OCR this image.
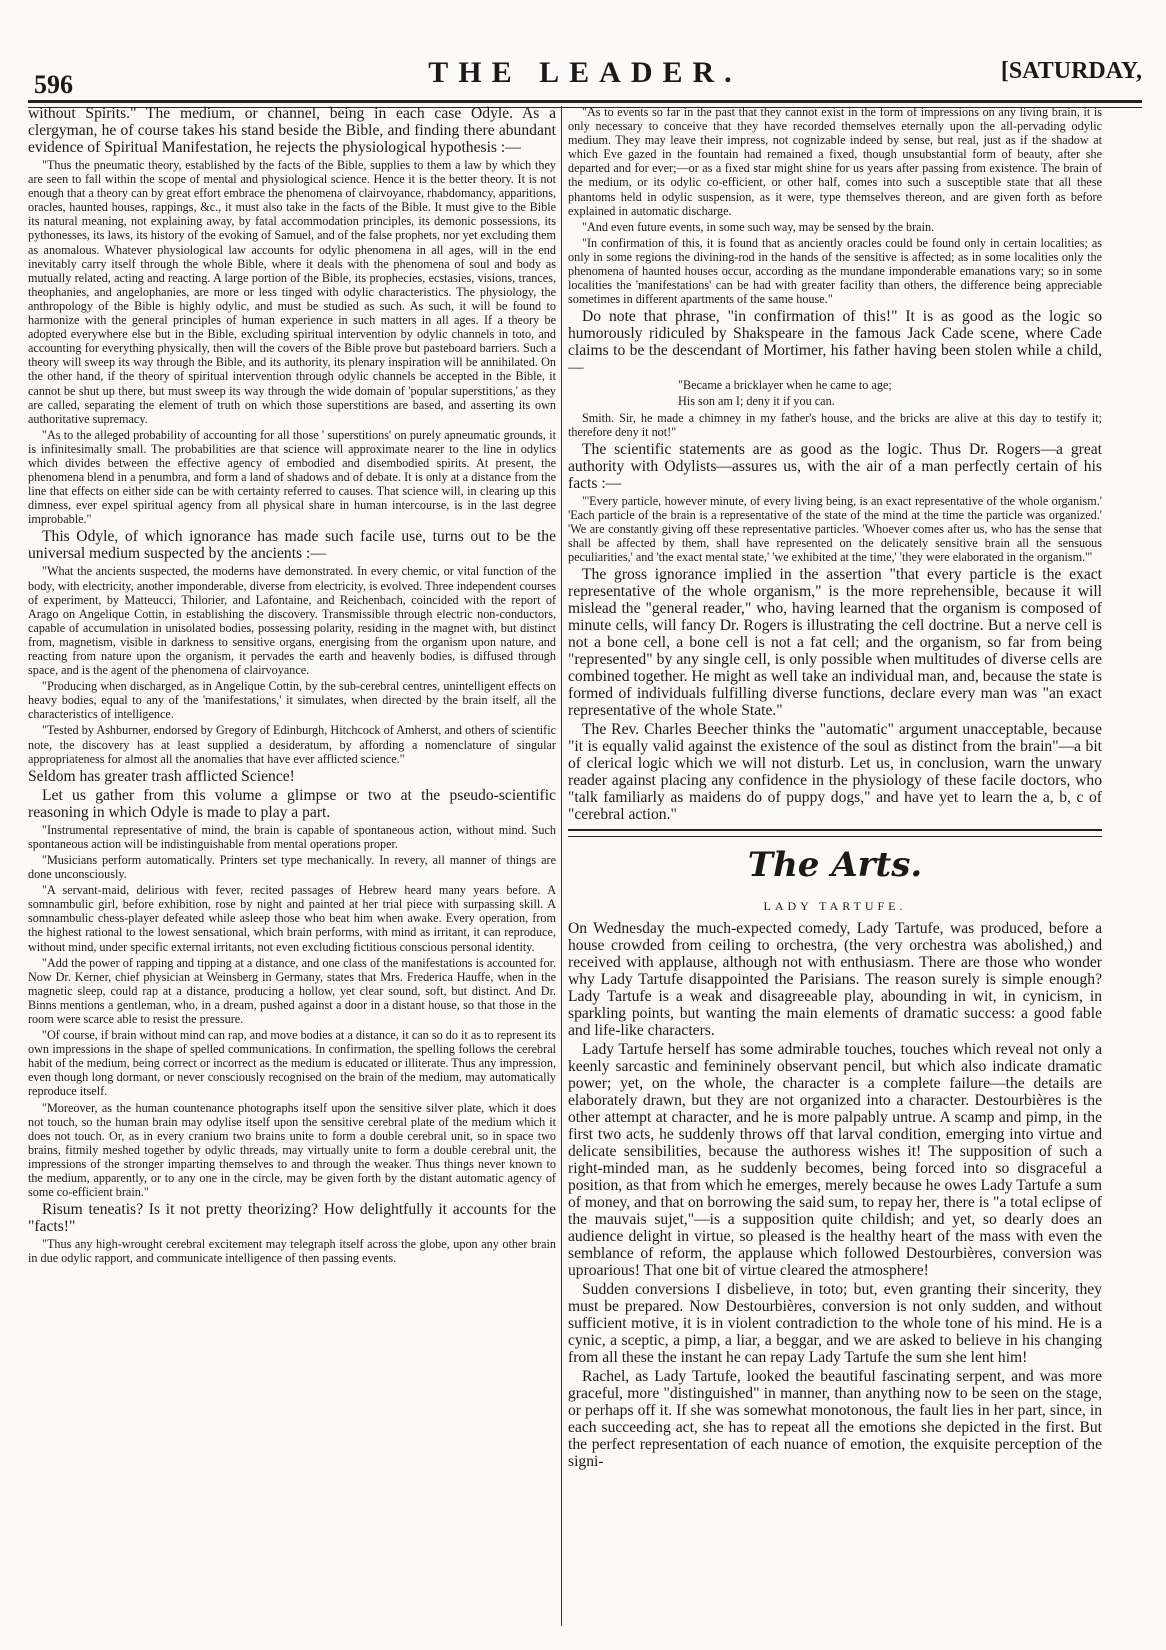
596	THE LEADER.	[SATURDAY,

without Spirits." The medium, or channel, being in each case Odyle. As a clergyman, he of course takes his stand beside the Bible, and finding there abundant evidence of Spiritual Manifestation, he rejects the physiological hypothesis :—

"Thus the pneumatic theory, established by the facts of the Bible, supplies to them a law by which they are seen to fall within the scope of mental and physiological science. Hence it is the better theory. It is not enough that a theory can by great effort embrace the phenomena of clairvoyance, rhabdomancy, apparitions, oracles, haunted houses, rappings, &c., it must also take in the facts of the Bible. It must give to the Bible its natural meaning, not explaining away, by fatal accommodation principles, its demonic possessions, its pythonesses, its laws, its history of the evoking of Samuel, and of the false prophets, nor yet excluding them as anomalous. Whatever physiological law accounts for odylic phenomena in all ages, will in the end inevitably carry itself through the whole Bible, where it deals with the phenomena of soul and body as mutually related, acting and reacting. A large portion of the Bible, its prophecies, ecstasies, visions, trances, theophanies, and angelophanies, are more or less tinged with odylic characteristics. The physiology, the anthropology of the Bible is highly odylic, and must be studied as such. As such, it will be found to harmonize with the general principles of human experience in such matters in all ages. If a theory be adopted everywhere else but in the Bible, excluding spiritual intervention by odylic channels in toto, and accounting for everything physically, then will the covers of the Bible prove but pasteboard barriers. Such a theory will sweep its way through the Bible, and its authority, its plenary inspiration will be annihilated. On the other hand, if the theory of spiritual intervention through odylic channels be accepted in the Bible, it cannot be shut up there, but must sweep its way through the wide domain of 'popular superstitions,' as they are called, separating the element of truth on which those superstitions are based, and asserting its own authoritative supremacy.

"As to the alleged probability of accounting for all those ' superstitions' on purely apneumatic grounds, it is infinitesimally small. The probabilities are that science will approximate nearer to the line in odylics which divides between the effective agency of embodied and disembodied spirits. At present, the phenomena blend in a penumbra, and form a land of shadows and of debate. It is only at a distance from the line that effects on either side can be with certainty referred to causes. That science will, in clearing up this dimness, ever expel spiritual agency from all physical share in human intercourse, is in the last degree improbable."

This Odyle, of which ignorance has made such facile use, turns out to be the universal medium suspected by the ancients :—

"What the ancients suspected, the moderns have demonstrated. In every chemic, or vital function of the body, with electricity, another imponderable, diverse from electricity, is evolved. Three independent courses of experiment, by Matteucci, Thilorier, and Lafontaine, and Reichenbach, coincided with the report of Arago on Angelique Cottin, in establishing the discovery. Transmissible through electric non-conductors, capable of accumulation in unisolated bodies, possessing polarity, residing in the magnet with, but distinct from, magnetism, visible in darkness to sensitive organs, energising from the organism upon nature, and reacting from nature upon the organism, it pervades the earth and heavenly bodies, is diffused through space, and is the agent of the phenomena of clairvoyance.

"Producing when discharged, as in Angelique Cottin, by the sub-cerebral centres, unintelligent effects on heavy bodies, equal to any of the 'manifestations,' it simulates, when directed by the brain itself, all the characteristics of intelligence.

"Tested by Ashburner, endorsed by Gregory of Edinburgh, Hitchcock of Amherst, and others of scientific note, the discovery has at least supplied a desideratum, by affording a nomenclature of singular appropriateness for almost all the anomalies that have ever afflicted science."

Seldom has greater trash afflicted Science!

Let us gather from this volume a glimpse or two at the pseudo-scientific reasoning in which Odyle is made to play a part.

"Instrumental representative of mind, the brain is capable of spontaneous action, without mind. Such spontaneous action will be indistinguishable from mental operations proper.

"Musicians perform automatically. Printers set type mechanically. In revery, all manner of things are done unconsciously.

"A servant-maid, delirious with fever, recited passages of Hebrew heard many years before. A somnambulic girl, before exhibition, rose by night and painted at her trial piece with surpassing skill. A somnambulic chess-player defeated while asleep those who beat him when awake. Every operation, from the highest rational to the lowest sensational, which brain performs, with mind as irritant, it can reproduce, without mind, under specific external irritants, not even excluding fictitious conscious personal identity.

"Add the power of rapping and tipping at a distance, and one class of the manifestations is accounted for. Now Dr. Kerner, chief physician at Weinsberg in Germany, states that Mrs. Frederica Hauffe, when in the magnetic sleep, could rap at a distance, producing a hollow, yet clear sound, soft, but distinct. And Dr. Binns mentions a gentleman, who, in a dream, pushed against a door in a distant house, so that those in the room were scarce able to resist the pressure.

"Of course, if brain without mind can rap, and move bodies at a distance, it can so do it as to represent its own impressions in the shape of spelled communications. In confirmation, the spelling follows the cerebral habit of the medium, being correct or incorrect as the medium is educated or illiterate. Thus any impression, even though long dormant, or never consciously recognised on the brain of the medium, may automatically reproduce itself.

"Moreover, as the human countenance photographs itself upon the sensitive silver plate, which it does not touch, so the human brain may odylise itself upon the sensitive cerebral plate of the medium which it does not touch. Or, as in every cranium two brains unite to form a double cerebral unit, so in space two brains, fitmily meshed together by odylic threads, may virtually unite to form a double cerebral unit, the impressions of the stronger imparting themselves to and through the weaker. Thus things never known to the medium, apparently, or to any one in the circle, may be given forth by the distant automatic agency of some co-efficient brain."

Risum teneatis? Is it not pretty theorizing? How delightfully it accounts for the "facts!"

"Thus any high-wrought cerebral excitement may telegraph itself across the globe, upon any other brain in due odylic rapport, and communicate intelligence of then passing events.

"As to events so far in the past that they cannot exist in the form of impressions on any living brain, it is only necessary to conceive that they have recorded themselves eternally upon the all-pervading odylic medium. They may leave their impress, not cognizable indeed by sense, but real, just as if the shadow at which Eve gazed in the fountain had remained a fixed, though unsubstantial form of beauty, after she departed and for ever;—or as a fixed star might shine for us years after passing from existence. The brain of the medium, or its odylic co-efficient, or other half, comes into such a susceptible state that all these phantoms held in odylic suspension, as it were, type themselves thereon, and are given forth as before explained in automatic discharge.

"And even future events, in some such way, may be sensed by the brain.

"In confirmation of this, it is found that as anciently oracles could be found only in certain localities; as only in some regions the divining-rod in the hands of the sensitive is affected; as in some localities only the phenomena of haunted houses occur, according as the mundane imponderable emanations vary; so in some localities the 'manifestations' can be had with greater facility than others, the difference being appreciable sometimes in different apartments of the same house."

Do note that phrase, "in confirmation of this!" It is as good as the logic so humorously ridiculed by Shakspeare in the famous Jack Cade scene, where Cade claims to be the descendant of Mortimer, his father having been stolen while a child,—

"Became a bricklayer when he came to age;

His son am I; deny it if you can.

Smith. Sir, he made a chimney in my father's house, and the bricks are alive at this day to testify it; therefore deny it not!"

The scientific statements are as good as the logic. Thus Dr. Rogers—a great authority with Odylists—assures us, with the air of a man perfectly certain of his facts :—

"'Every particle, however minute, of every living being, is an exact representative of the whole organism.' 'Each particle of the brain is a representative of the state of the mind at the time the particle was organized.' 'We are constantly giving off these representative particles. 'Whoever comes after us, who has the sense that shall be affected by them, shall have represented on the delicately sensitive brain all the sensuous peculiarities,' and 'the exact mental state,' 'we exhibited at the time,' 'they were elaborated in the organism.'"

The gross ignorance implied in the assertion "that every particle is the exact representative of the whole organism," is the more reprehensible, because it will mislead the "general reader," who, having learned that the organism is composed of minute cells, will fancy Dr. Rogers is illustrating the cell doctrine. But a nerve cell is not a bone cell, a bone cell is not a fat cell; and the organism, so far from being "represented" by any single cell, is only possible when multitudes of diverse cells are combined together. He might as well take an individual man, and, because the state is formed of individuals fulfilling diverse functions, declare every man was "an exact representative of the whole State."

The Rev. Charles Beecher thinks the "automatic" argument unacceptable, because "it is equally valid against the existence of the soul as distinct from the brain"—a bit of clerical logic which we will not disturb. Let us, in conclusion, warn the unwary reader against placing any confidence in the physiology of these facile doctors, who "talk familiarly as maidens do of puppy dogs," and have yet to learn the a, b, c of "cerebral action."

The Arts.
LADY TARTUFE.

On Wednesday the much-expected comedy, Lady Tartufe, was produced, before a house crowded from ceiling to orchestra, (the very orchestra was abolished,) and received with applause, although not with enthusiasm. There are those who wonder why Lady Tartufe disappointed the Parisians. The reason surely is simple enough? Lady Tartufe is a weak and disagreeable play, abounding in wit, in cynicism, in sparkling points, but wanting the main elements of dramatic success: a good fable and life-like characters.

Lady Tartufe herself has some admirable touches, touches which reveal not only a keenly sarcastic and femininely observant pencil, but which also indicate dramatic power; yet, on the whole, the character is a complete failure—the details are elaborately drawn, but they are not organized into a character. Destourbières is the other attempt at character, and he is more palpably untrue. A scamp and pimp, in the first two acts, he suddenly throws off that larval condition, emerging into virtue and delicate sensibilities, because the authoress wishes it! The supposition of such a right-minded man, as he suddenly becomes, being forced into so disgraceful a position, as that from which he emerges, merely because he owes Lady Tartufe a sum of money, and that on borrowing the said sum, to repay her, there is "a total eclipse of the mauvais sujet,"—is a supposition quite childish; and yet, so dearly does an audience delight in virtue, so pleased is the healthy heart of the mass with even the semblance of reform, the applause which followed Destourbières, conversion was uproarious! That one bit of virtue cleared the atmosphere!

Sudden conversions I disbelieve, in toto; but, even granting their sincerity, they must be prepared. Now Destourbières, conversion is not only sudden, and without sufficient motive, it is in violent contradiction to the whole tone of his mind. He is a cynic, a sceptic, a pimp, a liar, a beggar, and we are asked to believe in his changing from all these the instant he can repay Lady Tartufe the sum she lent him!

Rachel, as Lady Tartufe, looked the beautiful fascinating serpent, and was more graceful, more "distinguished" in manner, than anything now to be seen on the stage, or perhaps off it. If she was somewhat monotonous, the fault lies in her part, since, in each succeeding act, she has to repeat all the emotions she depicted in the first. But the perfect representation of each nuance of emotion, the exquisite perception of the signi-
